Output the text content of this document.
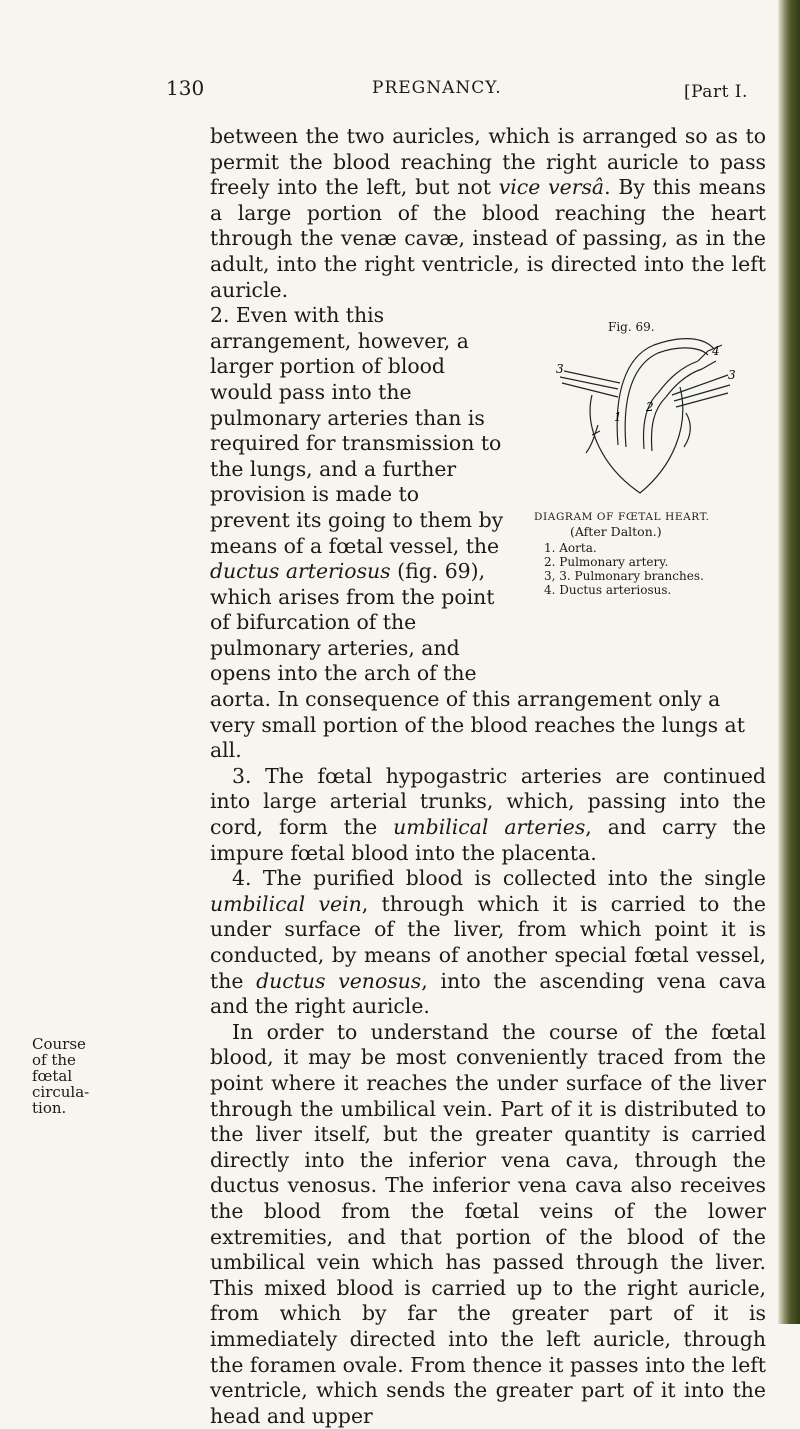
130	PREGNANCY.	[Part I.

between the two auricles, which is arranged so as to permit the blood reaching the right auricle to pass freely into the left, but not vice versâ. By this means a large portion of the blood reaching the heart through the venæ cavæ, instead of passing, as in the adult, into the right ventricle, is directed into the left auricle.

Fig. 69.
3
1
2
3
4
DIAGRAM OF FŒTAL HEART.
(After Dalton.)
1. Aorta.
2. Pulmonary artery.
3, 3. Pulmonary branches.
4. Ductus arteriosus.
2. Even with this arrangement, however, a larger portion of blood would pass into the pulmonary arteries than is required for transmission to the lungs, and a further provision is made to prevent its going to them by means of a fœtal vessel, the ductus arteriosus (fig. 69), which arises from the point of bifurcation of the pulmonary arteries, and opens into the arch of the aorta. In consequence of this arrangement only a very small portion of the blood reaches the lungs at all.

3. The fœtal hypogastric arteries are continued into large arterial trunks, which, passing into the cord, form the umbilical arteries, and carry the impure fœtal blood into the placenta.

4. The purified blood is collected into the single umbilical vein, through which it is carried to the under surface of the liver, from which point it is conducted, by means of another special fœtal vessel, the ductus venosus, into the ascending vena cava and the right auricle.

In order to understand the course of the fœtal blood, it may be most conveniently traced from the point where it reaches the under surface of the liver through the umbilical vein. Part of it is distributed to the liver itself, but the greater quantity is carried directly into the inferior vena cava, through the ductus venosus. The inferior vena cava also receives the blood from the fœtal veins of the lower extremities, and that portion of the blood of the umbilical vein which has passed through the liver. This mixed blood is carried up to the right auricle, from which by far the greater part of it is immediately directed into the left auricle, through the foramen ovale. From thence it passes into the left ventricle, which sends the greater part of it into the head and upper

Course of the fœtal circula-tion.
